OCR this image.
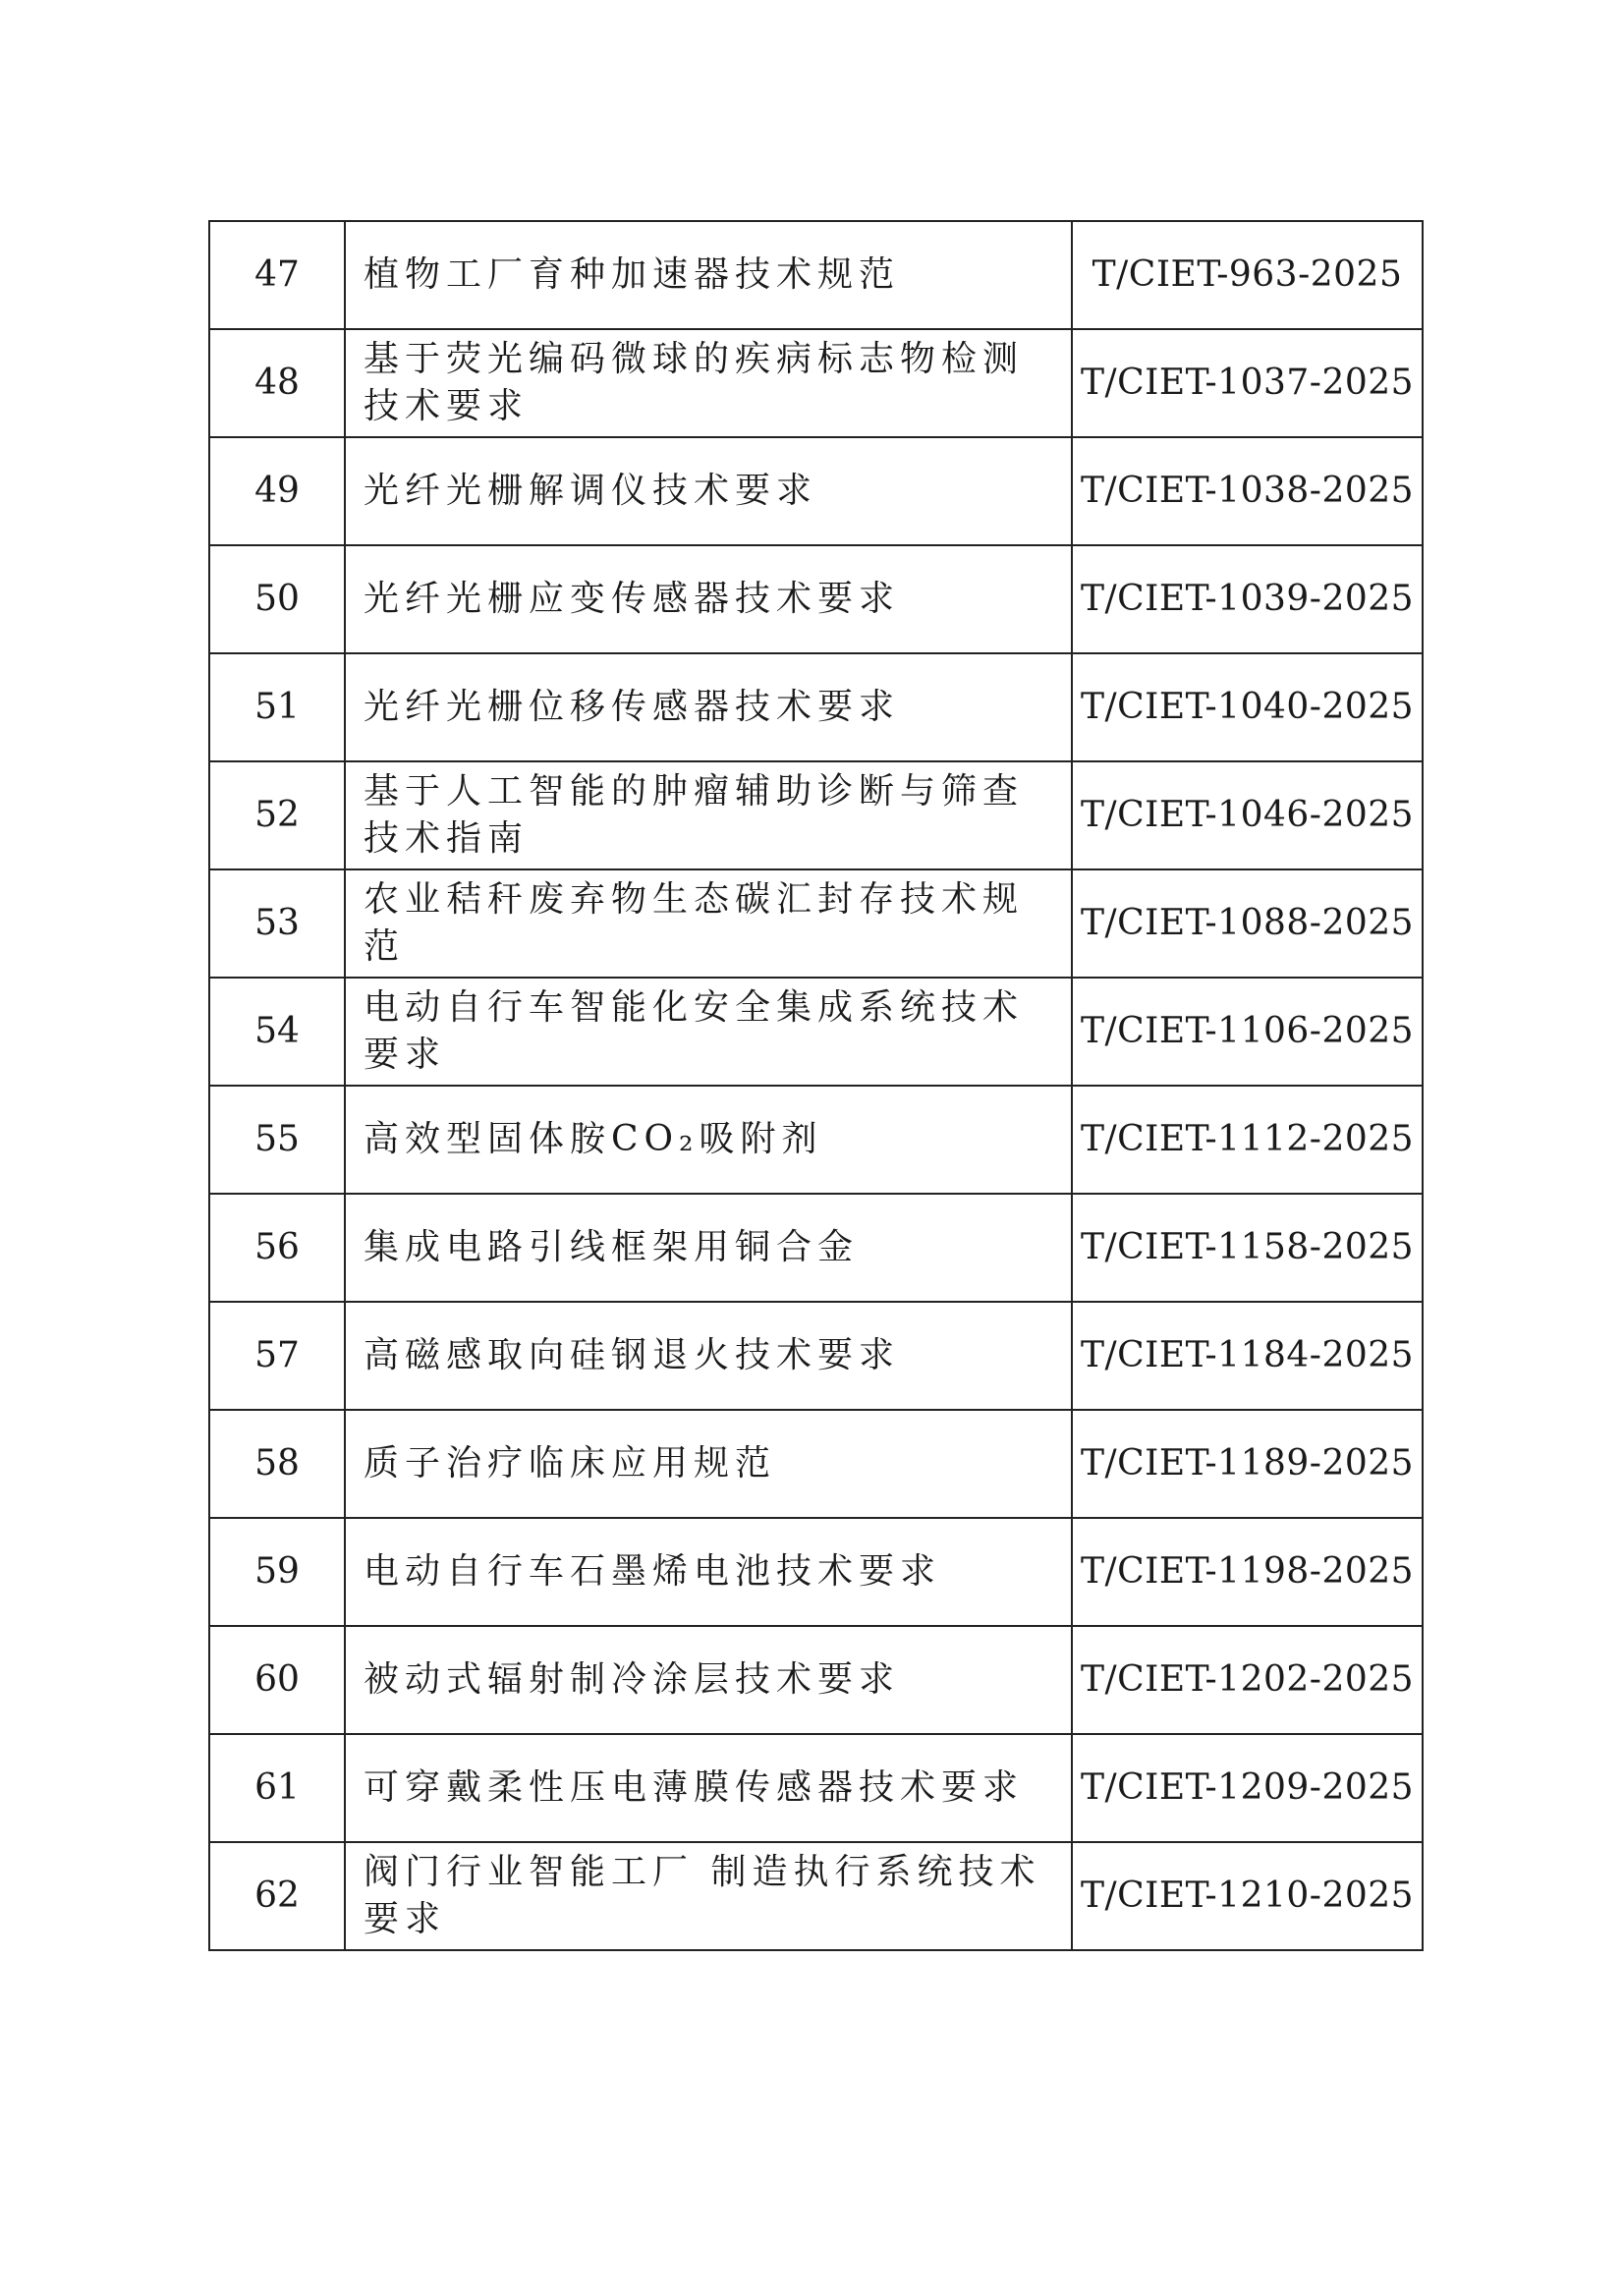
47	植物工厂育种加速器技术规范	T/CIET-963-2025
48	基于荧光编码微球的疾病标志物检测技术要求	T/CIET-1037-2025
49	光纤光栅解调仪技术要求	T/CIET-1038-2025
50	光纤光栅应变传感器技术要求	T/CIET-1039-2025
51	光纤光栅位移传感器技术要求	T/CIET-1040-2025
52	基于人工智能的肿瘤辅助诊断与筛查技术指南	T/CIET-1046-2025
53	农业秸秆废弃物生态碳汇封存技术规范	T/CIET-1088-2025
54	电动自行车智能化安全集成系统技术要求	T/CIET-1106-2025
55	高效型固体胺CO₂吸附剂	T/CIET-1112-2025
56	集成电路引线框架用铜合金	T/CIET-1158-2025
57	高磁感取向硅钢退火技术要求	T/CIET-1184-2025
58	质子治疗临床应用规范	T/CIET-1189-2025
59	电动自行车石墨烯电池技术要求	T/CIET-1198-2025
60	被动式辐射制冷涂层技术要求	T/CIET-1202-2025
61	可穿戴柔性压电薄膜传感器技术要求	T/CIET-1209-2025
62	阀门行业智能工厂 制造执行系统技术要求	T/CIET-1210-2025
